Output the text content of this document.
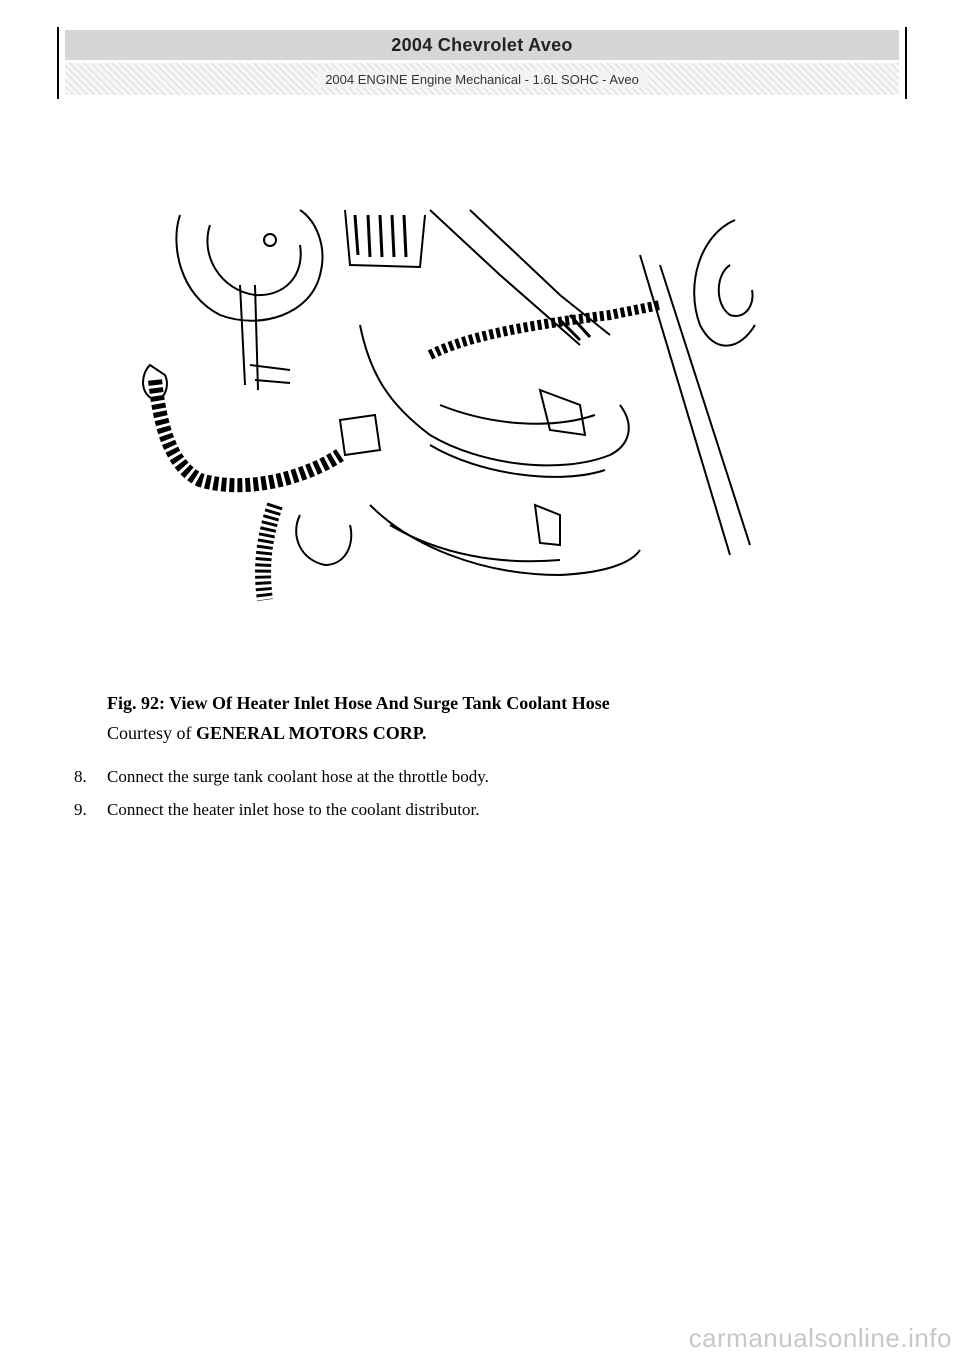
2004 Chevrolet Aveo
2004 ENGINE Engine Mechanical - 1.6L SOHC - Aveo
Fig. 92: View Of Heater Inlet Hose And Surge Tank Coolant Hose
Courtesy of GENERAL MOTORS CORP.
8.	Connect the surge tank coolant hose at the throttle body.
9.	Connect the heater inlet hose to the coolant distributor.
carmanualsonline.info
